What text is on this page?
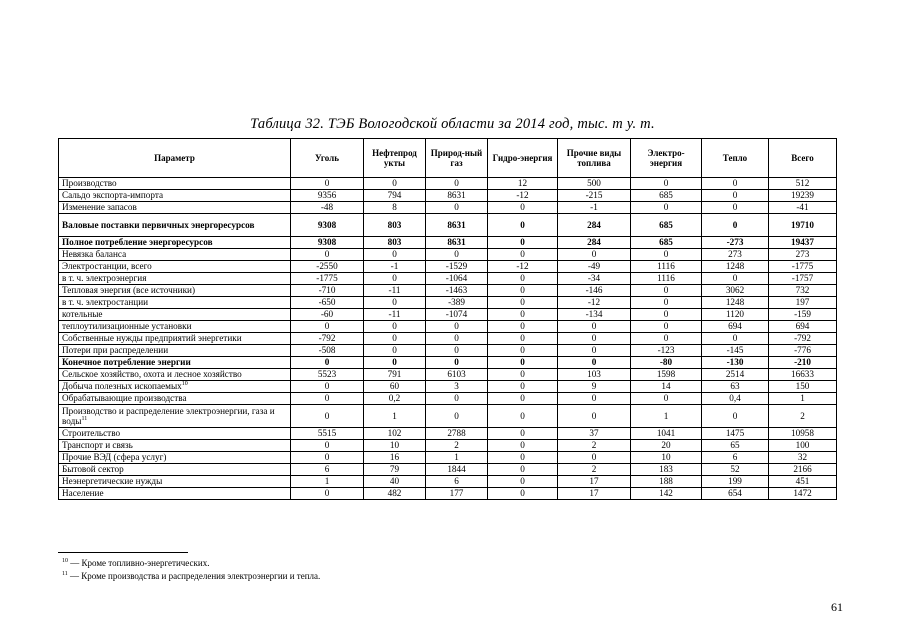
Таблица 32. ТЭБ Вологодской области за 2014 год, тыс. т у. т.
Параметр	Уголь	Нефтепрод укты	Природ-ный газ	Гидро-энергия	Прочие виды топлива	Электро-энергия	Тепло	Всего
Производство	0	0	0	12	500	0	0	512
Сальдо экспорта-импорта	9356	794	8631	-12	-215	685	0	19239
Изменение запасов	-48	8	0	0	-1	0	0	-41
Валовые поставки первичных энергоресурсов	9308	803	8631	0	284	685	0	19710
Полное потребление энергоресурсов	9308	803	8631	0	284	685	-273	19437
Невязка баланса	0	0	0	0	0	0	273	273
Электростанции, всего	-2550	-1	-1529	-12	-49	1116	1248	-1775
в т. ч. электроэнергия	-1775	0	-1064	0	-34	1116	0	-1757
Тепловая энергия (все источники)	-710	-11	-1463	0	-146	0	3062	732
в т. ч. электростанции	-650	0	-389	0	-12	0	1248	197
котельные	-60	-11	-1074	0	-134	0	1120	-159
теплоутилизационные установки	0	0	0	0	0	0	694	694
Собственные нужды предприятий энергетики	-792	0	0	0	0	0	0	-792
Потери при распределении	-508	0	0	0	0	-123	-145	-776
Конечное потребление энергии	0	0	0	0	0	-80	-130	-210
Сельское хозяйство, охота и лесное хозяйство	5523	791	6103	0	103	1598	2514	16633
Добыча полезных ископаемых$^{10}$	0	60	3	0	9	14	63	150
Обрабатывающие производства	0	0,2	0	0	0	0	0,4	1
Производство и распределение электроэнергии, газа и воды$^{11}$	0	1	0	0	0	1	0	2
Строительство	5515	102	2788	0	37	1041	1475	10958
Транспорт и связь	0	10	2	0	2	20	65	100
Прочие ВЭД (сфера услуг)	0	16	1	0	0	10	6	32
Бытовой сектор	6	79	1844	0	2	183	52	2166
Неэнергетические нужды	1	40	6	0	17	188	199	451
Население	0	482	177	0	17	142	654	1472
$^{10}$ — Кроме топливно-энергетических.
$^{11}$ — Кроме производства и распределения электроэнергии и тепла.
61
